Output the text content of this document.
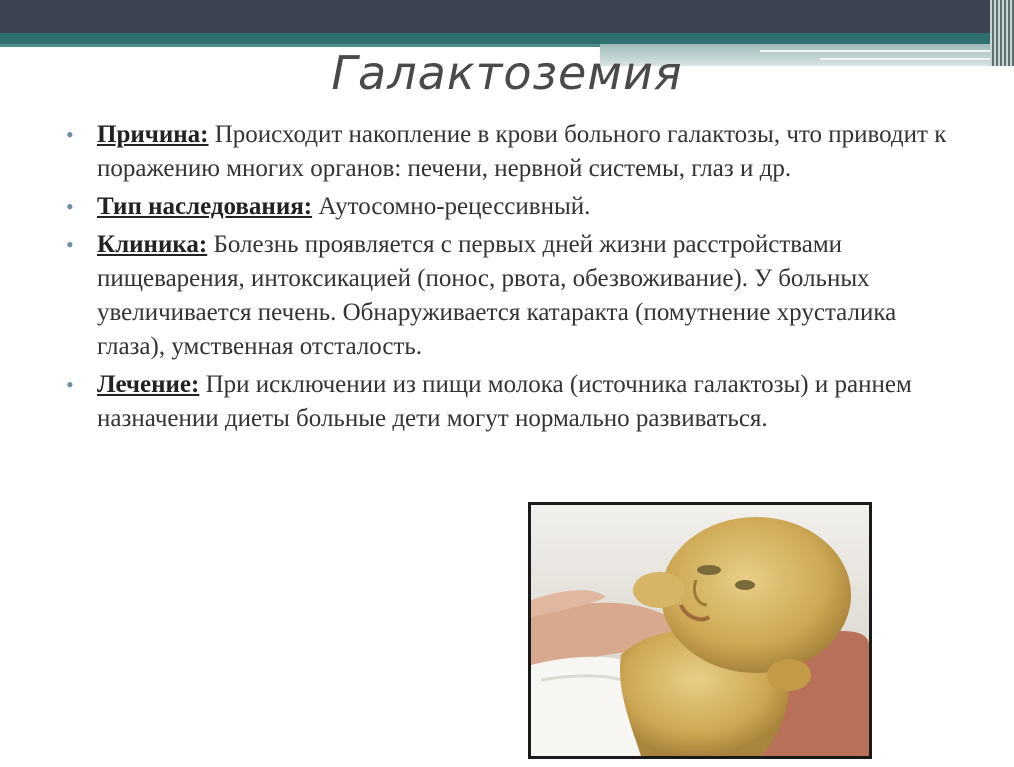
Галактоземия
• Причина: Происходит накопление в крови больного галактозы, что приводит к поражению многих органов: печени, нервной системы, глаз и др.
• Тип наследования: Аутосомно-рецессивный.
• Клиника: Болезнь проявляется с первых дней жизни расстройствами пищеварения, интоксикацией (понос, рвота, обезвоживание). У больных увеличивается печень. Обнаруживается катаракта (помутнение хрусталика глаза), умственная отсталость.
• Лечение: При исключении из пищи молока (источника галактозы) и раннем назначении диеты больные дети могут нормально развиваться.
